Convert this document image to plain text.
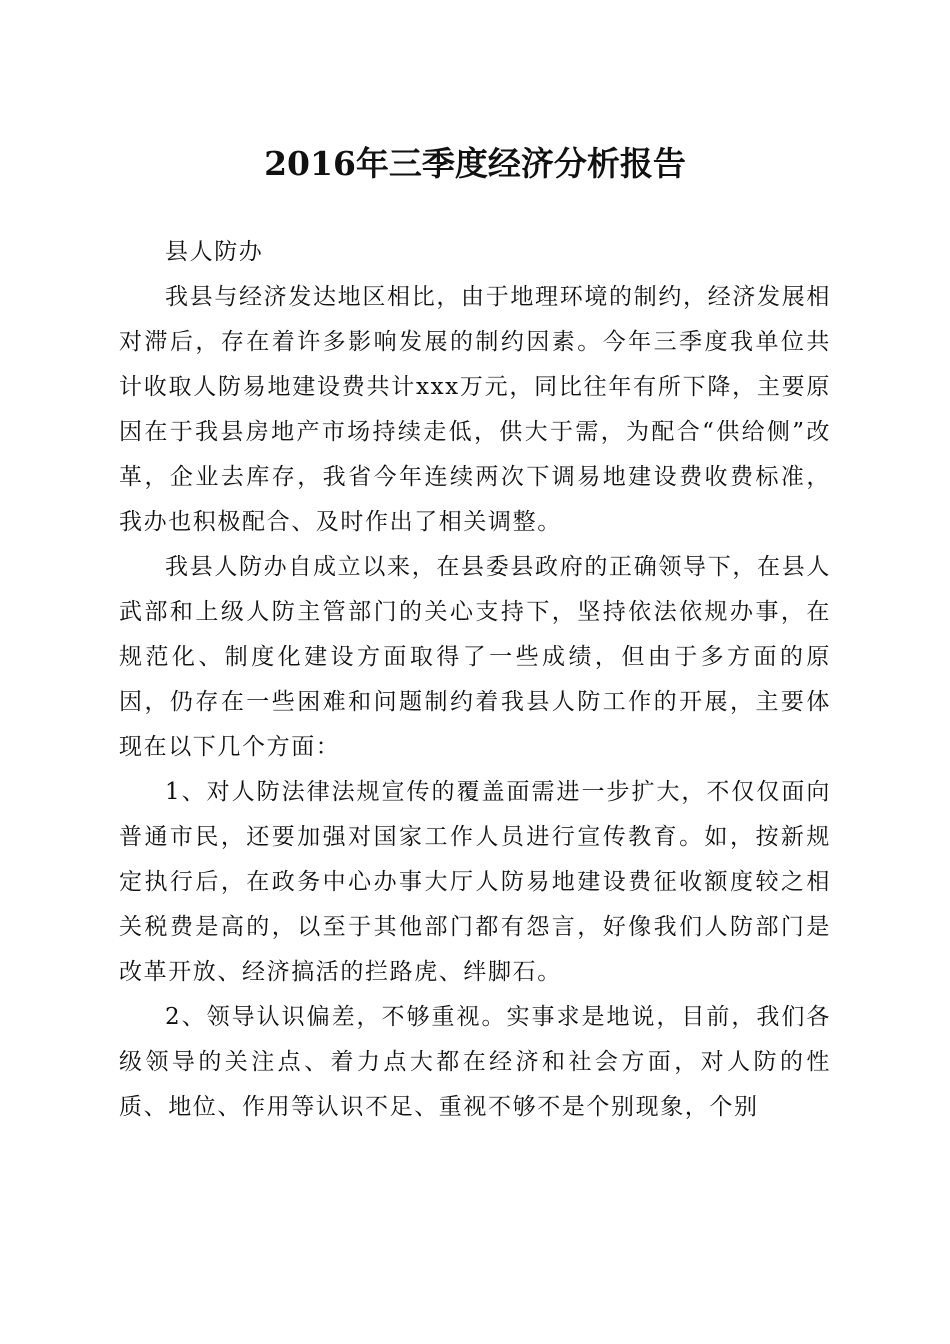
2016年三季度经济分析报告

县人防办

我县与经济发达地区相比，由于地理环境的制约，经济发展相对滞后，存在着许多影响发展的制约因素。今年三季度我单位共计收取人防易地建设费共计xxx万元，同比往年有所下降，主要原因在于我县房地产市场持续走低，供大于需，为配合“供给侧”改革，企业去库存，我省今年连续两次下调易地建设费收费标准，我办也积极配合、及时作出了相关调整。

我县人防办自成立以来，在县委县政府的正确领导下，在县人武部和上级人防主管部门的关心支持下，坚持依法依规办事，在规范化、制度化建设方面取得了一些成绩，但由于多方面的原因，仍存在一些困难和问题制约着我县人防工作的开展，主要体现在以下几个方面：

1、对人防法律法规宣传的覆盖面需进一步扩大，不仅仅面向普通市民，还要加强对国家工作人员进行宣传教育。如，按新规定执行后，在政务中心办事大厅人防易地建设费征收额度较之相关税费是高的，以至于其他部门都有怨言，好像我们人防部门是改革开放、经济搞活的拦路虎、绊脚石。

2、领导认识偏差，不够重视。实事求是地说，目前，我们各级领导的关注点、着力点大都在经济和社会方面，对人防的性质、地位、作用等认识不足、重视不够不是个别现象，个别
